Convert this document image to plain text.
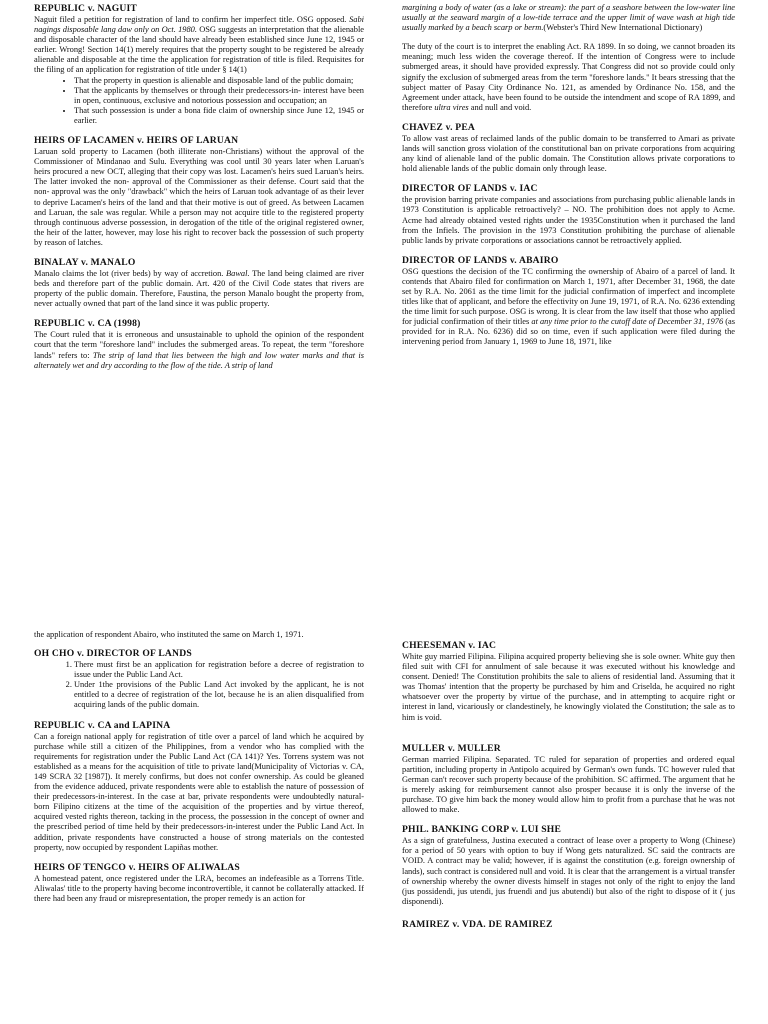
REPUBLIC v. NAGUIT

Naguit filed a petition for registration of land to confirm her imperfect title. OSG opposed. Sabi nagings disposable lang daw only on Oct. 1980. OSG suggests an interpretation that the alienable and disposable character of the land should have already been established since June 12, 1945 or earlier. Wrong! Section 14(1) merely requires that the property sought to be registered be already alienable and disposable at the time the application for registration of title is filed. Requisites for the filing of an application for registration of title under § 14(1)

• That the property in question is alienable and disposable land of the public domain;
• That the applicants by themselves or through their predecessors-in- interest have been in open, continuous, exclusive and notorious possession and occupation; an
• That such possession is under a bona fide claim of ownership since June 12, 1945 or earlier.
HEIRS OF LACAMEN v. HEIRS OF LARUAN

Laruan sold property to Lacamen (both illiterate non-Christians) without the approval of the Commissioner of Mindanao and Sulu. Everything was cool until 30 years later when Laruan's heirs procured a new OCT, alleging that their copy was lost. Lacamen's heirs sued Laruan's heirs. The latter invoked the non- approval of the Commissioner as their defense. Court said that the non- approval was the only "drawback" which the heirs of Laruan took advantage of as their lever to deprive Lacamen's heirs of the land and that their motive is out of greed. As between Lacamen and Laruan, the sale was regular. While a person may not acquire title to the registered property through continuous adverse possession, in derogation of the title of the original registered owner, the heir of the latter, however, may lose his right to recover back the possession of such property by reason of latches.

BINALAY v. MANALO

Manalo claims the lot (river beds) by way of accretion. Bawal. The land being claimed are river beds and therefore part of the public domain. Art. 420 of the Civil Code states that rivers are property of the public domain. Therefore, Faustina, the person Manalo bought the property from, never actually owned that part of the land since it was public property.

REPUBLIC v. CA (1998)

The Court ruled that it is erroneous and unsustainable to uphold the opinion of the respondent court that the term "foreshore land" includes the submerged areas. To repeat, the term "foreshore lands" refers to: The strip of land that lies between the high and low water marks and that is alternately wet and dry according to the flow of the tide. A strip of land

margining a body of water (as a lake or stream): the part of a seashore between the low-water line usually at the seaward margin of a low-tide terrace and the upper limit of wave wash at high tide usually marked by a beach scarp or berm.(Webster's Third New International Dictionary)

The duty of the court is to interpret the enabling Act. RA 1899. In so doing, we cannot broaden its meaning; much less widen the coverage thereof. If the intention of Congress were to include submerged areas, it should have provided expressly. That Congress did not so provide could only signify the exclusion of submerged areas from the term "foreshore lands." It bears stressing that the subject matter of Pasay City Ordinance No. 121, as amended by Ordinance No. 158, and the Agreement under attack, have been found to be outside the intendment and scope of RA 1899, and therefore ultra vires and null and void.

CHAVEZ v. PEA

To allow vast areas of reclaimed lands of the public domain to be transferred to Amari as private lands will sanction gross violation of the constitutional ban on private corporations from acquiring any kind of alienable land of the public domain. The Constitution allows private corporations to hold alienable lands of the public domain only through lease.

DIRECTOR OF LANDS v. IAC

the provision barring private companies and associations from purchasing public alienable lands in 1973 Constitution is applicable retroactively? – NO. The prohibition does not apply to Acme. Acme had already obtained vested rights under the 1935Constitution when it purchased the land from the Infiels. The provision in the 1973 Constitution prohibiting the purchase of alienable public lands by private corporations or associations cannot be retroactively applied.

DIRECTOR OF LANDS v. ABAIRO

OSG questions the decision of the TC confirming the ownership of Abairo of a parcel of land. It contends that Abairo filed for confirmation on March 1, 1971, after December 31, 1968, the date set by R.A. No. 2061 as the time limit for the judicial confirmation of imperfect and incomplete titles like that of applicant, and before the effectivity on June 19, 1971, of R.A. No. 6236 extending the time limit for such purpose. OSG is wrong. It is clear from the law itself that those who applied for judicial confirmation of their titles at any time prior to the cutoff date of December 31, 1976 (as provided for in R.A. No. 6236) did so on time, even if such application were filed during the intervening period from January 1, 1969 to June 18, 1971, like

the application of respondent Abairo, who instituted the same on March 1, 1971.

OH CHO v. DIRECTOR OF LANDS
1. There must first be an application for registration before a decree of registration to issue under the Public Land Act.
2. Under 1the provisions of the Public Land Act invoked by the applicant, he is not entitled to a decree of registration of the lot, because he is an alien disqualified from acquiring lands of the public domain.
REPUBLIC v. CA and LAPINA

Can a foreign national apply for registration of title over a parcel of land which he acquired by purchase while still a citizen of the Philippines, from a vendor who has complied with the requirements for registration under the Public Land Act (CA 141)? Yes. Torrens system was not established as a means for the acquisition of title to private land(Municipality of Victorias v. CA, 149 SCRA 32 [1987]). It merely confirms, but does not confer ownership. As could be gleaned from the evidence adduced, private respondents were able to establish the nature of possession of their predecessors-in-interest. In the case at bar, private respondents were undoubtedly natural-born Filipino citizens at the time of the acquisition of the properties and by virtue thereof, acquired vested rights thereon, tacking in the process, the possession in the concept of owner and the prescribed period of time held by their predecessors-in-interest under the Public Land Act. In addition, private respondents have constructed a house of strong materials on the contested property, now occupied by respondent Lapiñas mother.

HEIRS OF TENGCO v. HEIRS OF ALIWALAS

A homestead patent, once registered under the LRA, becomes an indefeasible as a Torrens Title. Aliwalas' title to the property having become incontrovertible, it cannot be collaterally attacked. If there had been any fraud or misrepresentation, the proper remedy is an action for

CHEESEMAN v. IAC

White guy married Filipina. Filipina acquired property believing she is sole owner. White guy then filed suit with CFI for annulment of sale because it was executed without his knowledge and consent. Denied! The Constitution prohibits the sale to aliens of residential land. Assuming that it was Thomas' intention that the property be purchased by him and Criselda, he acquired no right whatsoever over the property by virtue of the purchase, and in attempting to acquire right or interest in land, vicariously or clandestinely, he knowingly violated the Constitution; the sale as to him is void.

MULLER v. MULLER

German married Filipina. Separated. TC ruled for separation of properties and ordered equal partition, including property in Antipolo acquired by German's own funds. TC however ruled that German can't recover such property because of the prohibition. SC affirmed. The argument that he is merely asking for reimbursement cannot also prosper because it is only the inverse of the purchase. TO give him back the money would allow him to profit from a purchase that he was not allowed to make.

PHIL. BANKING CORP v. LUI SHE

As a sign of gratefulness, Justina executed a contract of lease over a property to Wong (Chinese) for a period of 50 years with option to buy if Wong gets naturalized. SC said the contracts are VOID. A contract may be valid; however, if is against the constitution (e.g. foreign ownership of lands), such contract is considered null and void. It is clear that the arrangement is a virtual transfer of ownership whereby the owner divests himself in stages not only of the right to enjoy the land (jus possidendi, jus utendi, jus fruendi and jus abutendi) but also of the right to dispose of it ( jus disponendi).

RAMIREZ v. VDA. DE RAMIREZ
